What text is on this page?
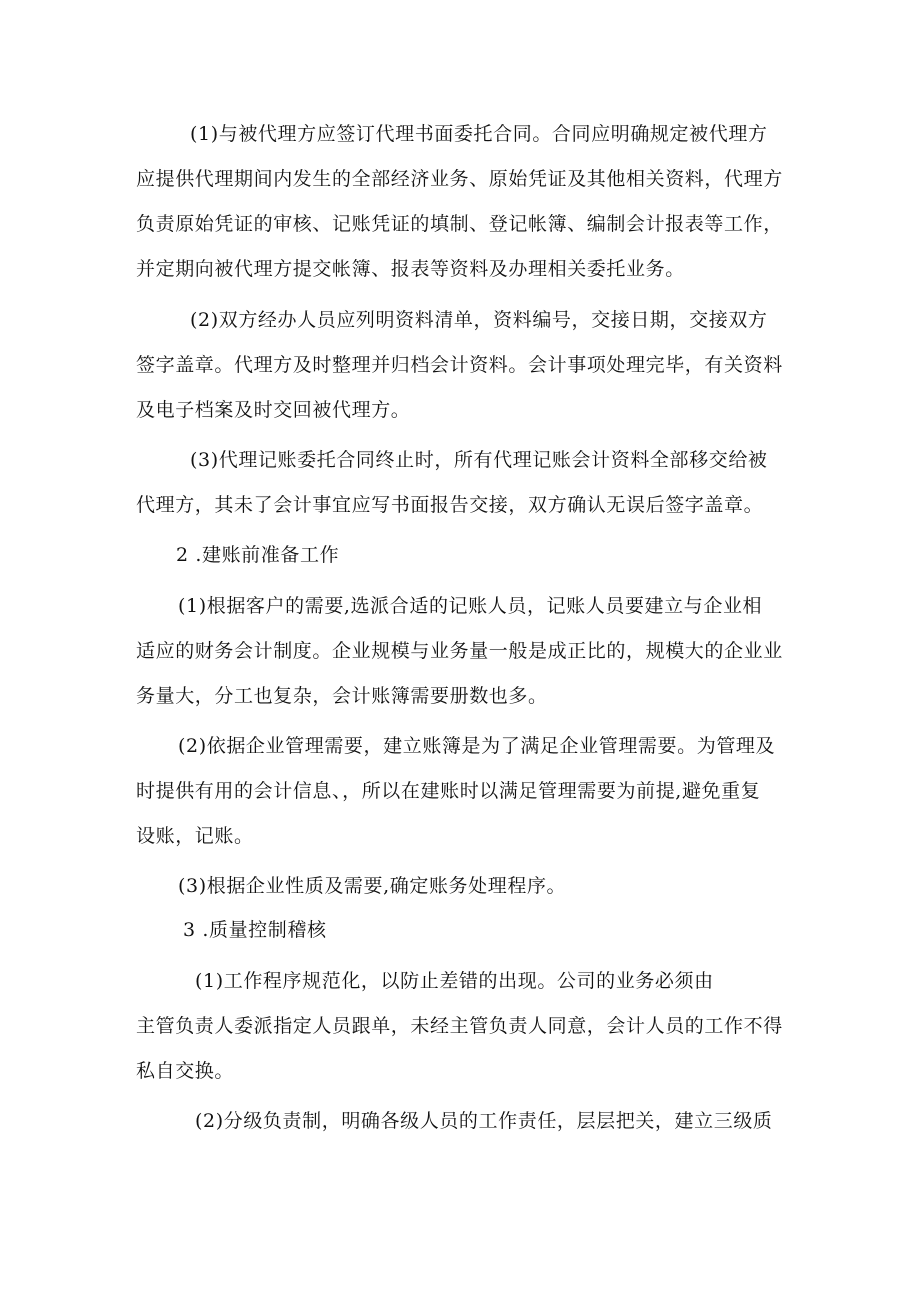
(1)与被代理方应签订代理书面委托合同。合同应明确规定被代理方
应提供代理期间内发生的全部经济业务、原始凭证及其他相关资料，代理方
负责原始凭证的审核、记账凭证的填制、登记帐簿、编制会计报表等工作，
并定期向被代理方提交帐簿、报表等资料及办理相关委托业务。
(2)双方经办人员应列明资料清单，资料编号，交接日期，交接双方
签字盖章。代理方及时整理并归档会计资料。会计事项处理完毕，有关资料
及电子档案及时交回被代理方。
(3)代理记账委托合同终止时，所有代理记账会计资料全部移交给被
代理方，其未了会计事宜应写书面报告交接，双方确认无误后签字盖章。
2 .建账前准备工作
(1)根据客户的需要,选派合适的记账人员，记账人员要建立与企业相
适应的财务会计制度。企业规模与业务量一般是成正比的，规模大的企业业
务量大，分工也复杂，会计账簿需要册数也多。
(2)依据企业管理需要，建立账簿是为了满足企业管理需要。为管理及
时提供有用的会计信息、，所以在建账时以满足管理需要为前提,避免重复
设账，记账。
(3)根据企业性质及需要,确定账务处理程序。
3 .质量控制稽核
(1)工作程序规范化，以防止差错的出现。公司的业务必须由
主管负责人委派指定人员跟单，未经主管负责人同意，会计人员的工作不得
私自交换。
(2)分级负责制，明确各级人员的工作责任，层层把关，建立三级质
